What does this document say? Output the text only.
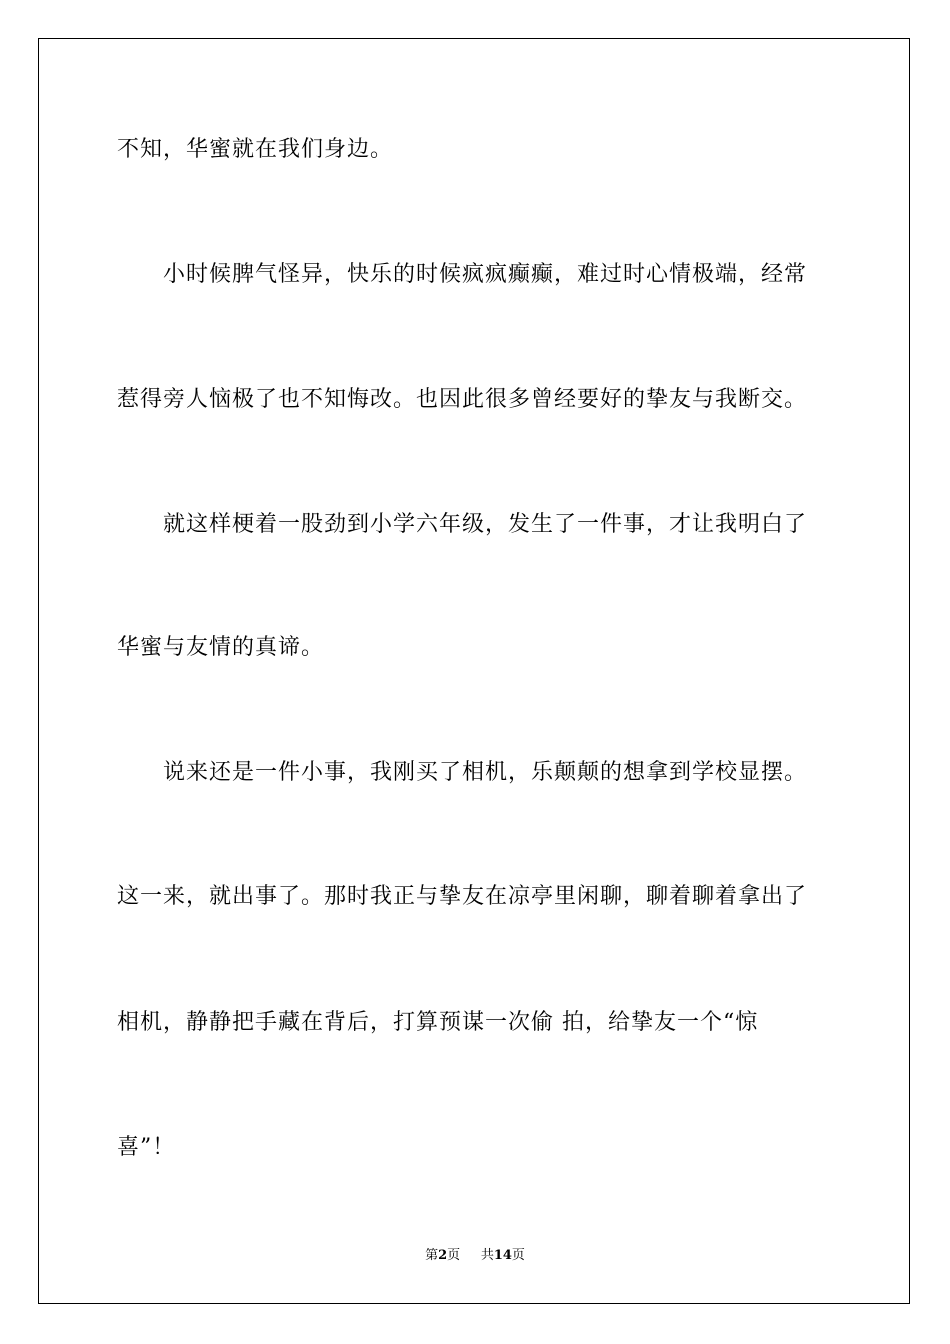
不知，华蜜就在我们身边。
小时候脾气怪异，快乐的时候疯疯癫癫，难过时心情极端，经常
惹得旁人恼极了也不知悔改。也因此很多曾经要好的挚友与我断交。
就这样梗着一股劲到小学六年级，发生了一件事，才让我明白了
华蜜与友情的真谛。
说来还是一件小事，我刚买了相机，乐颠颠的想拿到学校显摆。
这一来，就出事了。那时我正与挚友在凉亭里闲聊，聊着聊着拿出了
相机，静静把手藏在背后，打算预谋一次偷 拍，给挚友一个“惊
喜”！
第2页 共14页
